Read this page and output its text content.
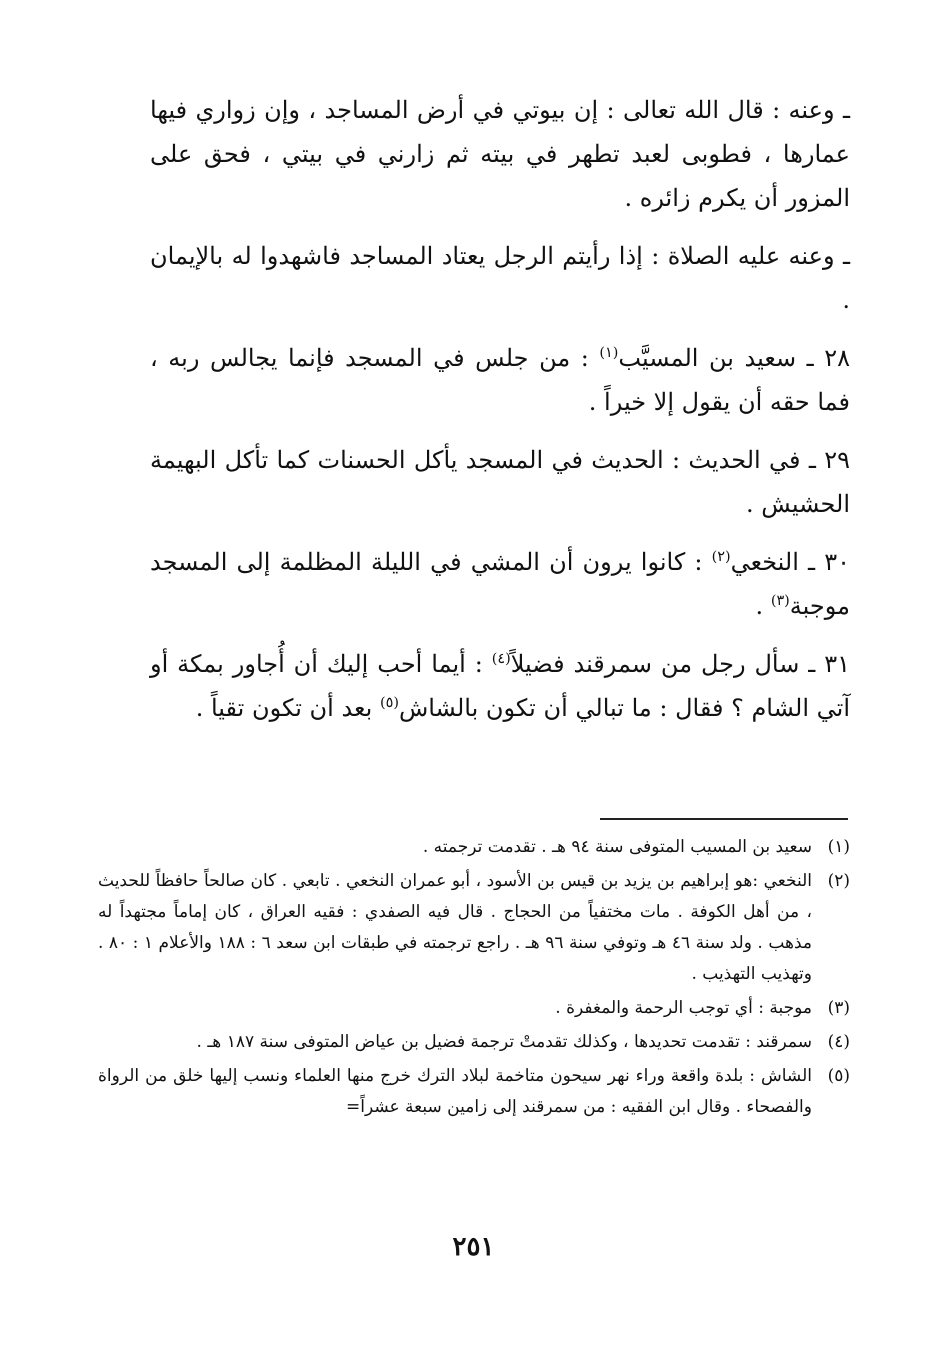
ـ وعنه : قال الله تعالى : إن بيوتي في أرض المساجد ، وإن زواري فيها عمارها ، فطوبى لعبد تطهر في بيته ثم زارني في بيتي ، فحق على المزور أن يكرم زائره .

ـ وعنه عليه الصلاة : إذا رأيتم الرجل يعتاد المساجد فاشهدوا له بالإيمان .

٢٨ ـ سعيد بن المسيَّب$^{(١)}$ : من جلس في المسجد فإنما يجالس ربه ، فما حقه أن يقول إلا خيراً .

٢٩ ـ في الحديث : الحديث في المسجد يأكل الحسنات كما تأكل البهيمة الحشيش .

٣٠ ـ النخعي$^{(٢)}$ : كانوا يرون أن المشي في الليلة المظلمة إلى المسجد موجبة$^{(٣)}$ .

٣١ ـ سأل رجل من سمرقند فضيلاً$^{(٤)}$ : أيما أحب إليك أن أُجاور بمكة أو آتي الشام ؟ فقال : ما تبالي أن تكون بالشاش$^{(٥)}$ بعد أن تكون تقياً .

(١)
سعيد بن المسيب المتوفى سنة ٩٤ هـ . تقدمت ترجمته .

(٢)
النخعي :هو إبراهيم بن يزيد بن قيس بن الأسود ، أبو عمران النخعي . تابعي . كان صالحاً حافظاً للحديث ، من أهل الكوفة . مات مختفياً من الحجاج . قال فيه الصفدي : فقيه العراق ، كان إماماً مجتهداً له مذهب . ولد سنة ٤٦ هـ وتوفي سنة ٩٦ هـ . راجع ترجمته في طبقات ابن سعد ٦ : ١٨٨ والأعلام ١ : ٨٠ . وتهذيب التهذيب .

(٣)
موجبة : أي توجب الرحمة والمغفرة .

(٤)
سمرقند : تقدمت تحديدها ، وكذلك تقدمتْ ترجمة فضيل بن عياض المتوفى سنة ١٨٧ هـ .

(٥)
الشاش : بلدة واقعة وراء نهر سيحون متاخمة لبلاد الترك خرج منها العلماء ونسب إليها خلق من الرواة والفصحاء . وقال ابن الفقيه : من سمرقند إلى زامين سبعة عشراً=

٢٥١
